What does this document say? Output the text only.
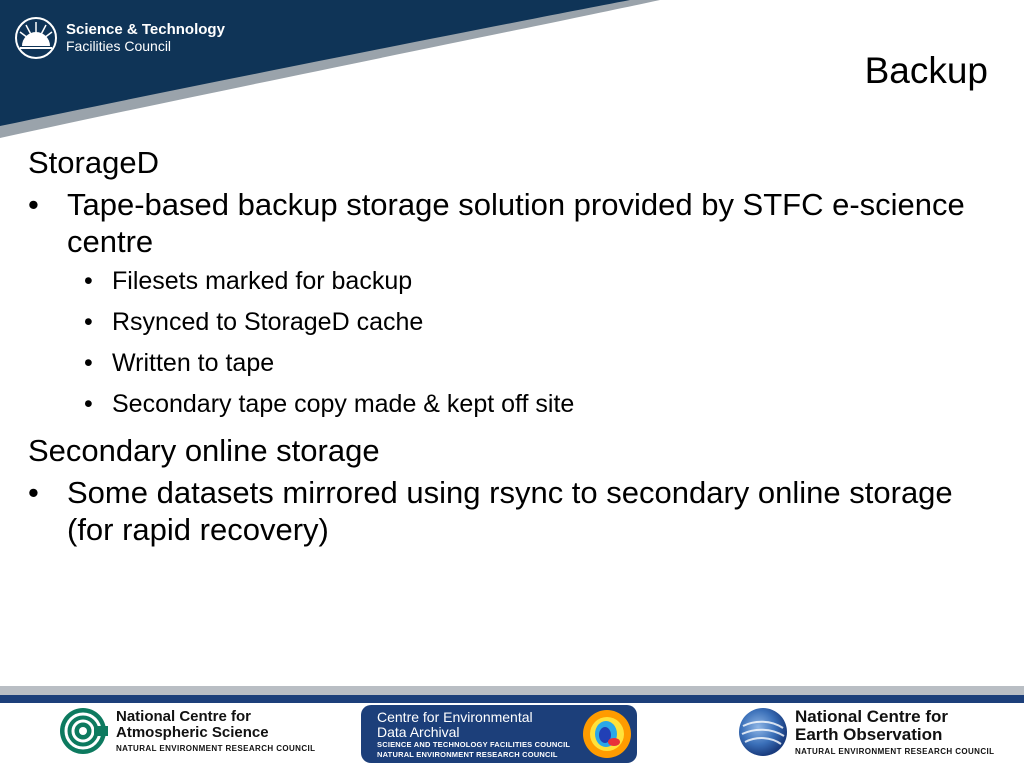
Science & Technology
Facilities Council
Backup
StorageD
• Tape-based backup storage solution provided by STFC e-science centre
• Filesets marked for backup
• Rsynced to StorageD cache
• Written to tape
• Secondary tape copy made & kept off site
Secondary online storage
• Some datasets mirrored using rsync to secondary online storage (for rapid recovery)
National Centre for
Atmospheric Science
NATURAL ENVIRONMENT RESEARCH COUNCIL
Centre for Environmental
Data Archival
SCIENCE AND TECHNOLOGY FACILITIES COUNCIL
NATURAL ENVIRONMENT RESEARCH COUNCIL
National Centre for
Earth Observation
NATURAL ENVIRONMENT RESEARCH COUNCIL
